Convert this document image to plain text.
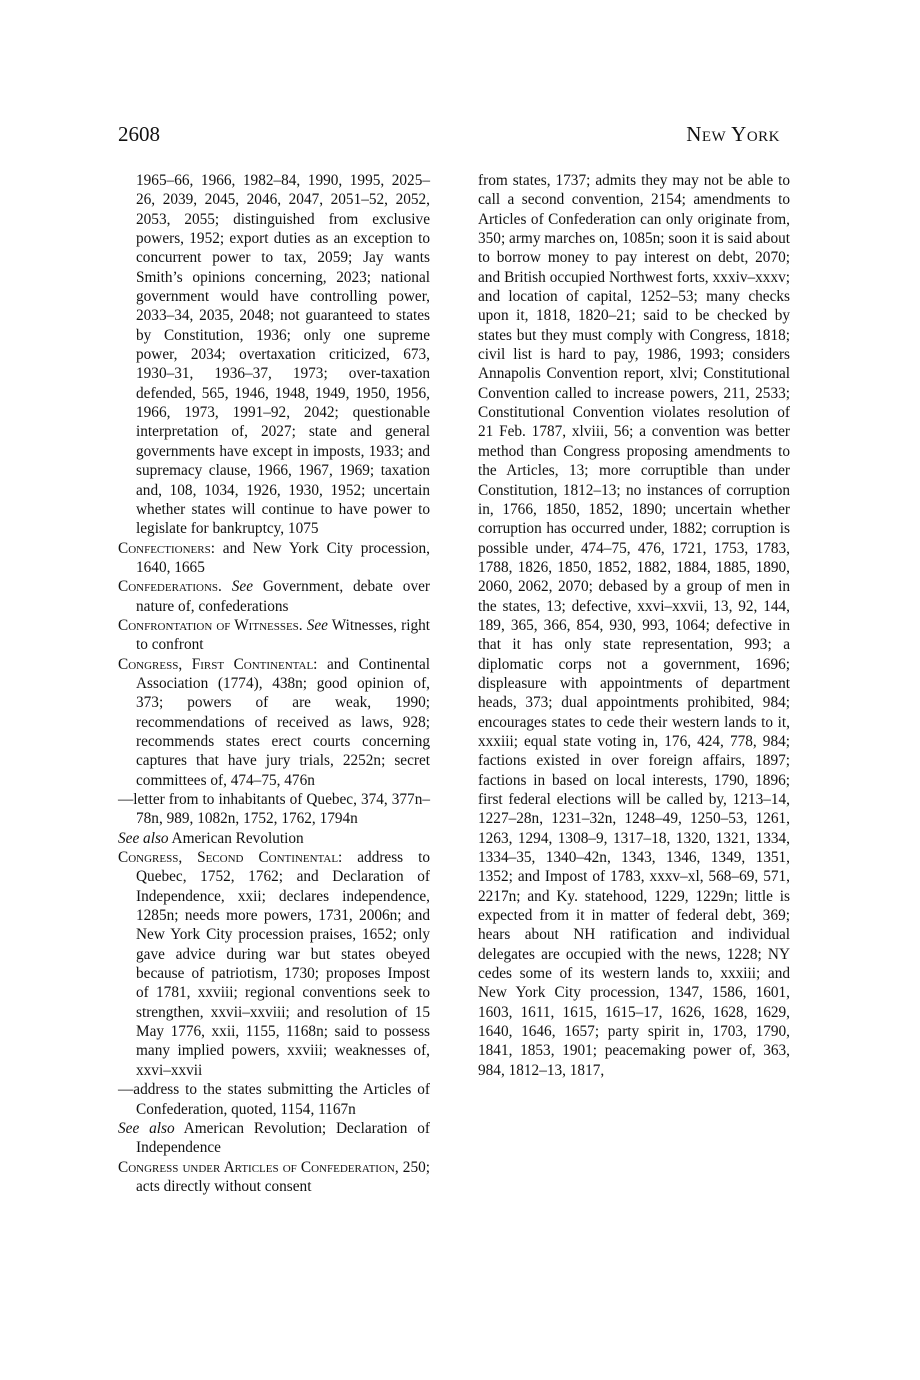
2608	New York

1965–66, 1966, 1982–84, 1990, 1995, 2025–26, 2039, 2045, 2046, 2047, 2051–52, 2052, 2053, 2055; distinguished from exclusive powers, 1952; export duties as an exception to concurrent power to tax, 2059; Jay wants Smith’s opinions concerning, 2023; national government would have controlling power, 2033–34, 2035, 2048; not guaranteed to states by Constitution, 1936; only one supreme power, 2034; overtaxation criticized, 673, 1930–31, 1936–37, 1973; over-taxation defended, 565, 1946, 1948, 1949, 1950, 1956, 1966, 1973, 1991–92, 2042; questionable interpretation of, 2027; state and general governments have except in imposts, 1933; and supremacy clause, 1966, 1967, 1969; taxation and, 108, 1034, 1926, 1930, 1952; uncertain whether states will continue to have power to legislate for bankruptcy, 1075

Confectioners: and New York City procession, 1640, 1665

Confederations. See Government, debate over nature of, confederations

Confrontation of Witnesses. See Witnesses, right to confront

Congress, First Continental: and Continental Association (1774), 438n; good opinion of, 373; powers of are weak, 1990; recommendations of received as laws, 928; recommends states erect courts concerning captures that have jury trials, 2252n; secret committees of, 474–75, 476n

—letter from to inhabitants of Quebec, 374, 377n–78n, 989, 1082n, 1752, 1762, 1794n

See also American Revolution

Congress, Second Continental: address to Quebec, 1752, 1762; and Declaration of Independence, xxii; declares independence, 1285n; needs more powers, 1731, 2006n; and New York City procession praises, 1652; only gave advice during war but states obeyed because of patriotism, 1730; proposes Impost of 1781, xxviii; regional conventions seek to strengthen, xxvii–xxviii; and resolution of 15 May 1776, xxii, 1155, 1168n; said to possess many implied powers, xxviii; weaknesses of, xxvi–xxvii

—address to the states submitting the Articles of Confederation, quoted, 1154, 1167n

See also American Revolution; Declaration of Independence

Congress under Articles of Confederation, 250; acts directly without consent

from states, 1737; admits they may not be able to call a second convention, 2154; amendments to Articles of Confederation can only originate from, 350; army marches on, 1085n; soon it is said about to borrow money to pay interest on debt, 2070; and British occupied Northwest forts, xxxiv–xxxv; and location of capital, 1252–53; many checks upon it, 1818, 1820–21; said to be checked by states but they must comply with Congress, 1818; civil list is hard to pay, 1986, 1993; considers Annapolis Convention report, xlvi; Constitutional Convention called to increase powers, 211, 2533; Constitutional Convention violates resolution of 21 Feb. 1787, xlviii, 56; a convention was better method than Congress proposing amendments to the Articles, 13; more corruptible than under Constitution, 1812–13; no instances of corruption in, 1766, 1850, 1852, 1890; uncertain whether corruption has occurred under, 1882; corruption is possible under, 474–75, 476, 1721, 1753, 1783, 1788, 1826, 1850, 1852, 1882, 1884, 1885, 1890, 2060, 2062, 2070; debased by a group of men in the states, 13; defective, xxvi–xxvii, 13, 92, 144, 189, 365, 366, 854, 930, 993, 1064; defective in that it has only state representation, 993; a diplomatic corps not a government, 1696; displeasure with appointments of department heads, 373; dual appointments prohibited, 984; encourages states to cede their western lands to it, xxxiii; equal state voting in, 176, 424, 778, 984; factions existed in over foreign affairs, 1897; factions in based on local interests, 1790, 1896; first federal elections will be called by, 1213–14, 1227–28n, 1231–32n, 1248–49, 1250–53, 1261, 1263, 1294, 1308–9, 1317–18, 1320, 1321, 1334, 1334–35, 1340–42n, 1343, 1346, 1349, 1351, 1352; and Impost of 1783, xxxv–xl, 568–69, 571, 2217n; and Ky. statehood, 1229, 1229n; little is expected from it in matter of federal debt, 369; hears about NH ratification and individual delegates are occupied with the news, 1228; NY cedes some of its western lands to, xxxiii; and New York City procession, 1347, 1586, 1601, 1603, 1611, 1615, 1615–17, 1626, 1628, 1629, 1640, 1646, 1657; party spirit in, 1703, 1790, 1841, 1853, 1901; peacemaking power of, 363, 984, 1812–13, 1817,
